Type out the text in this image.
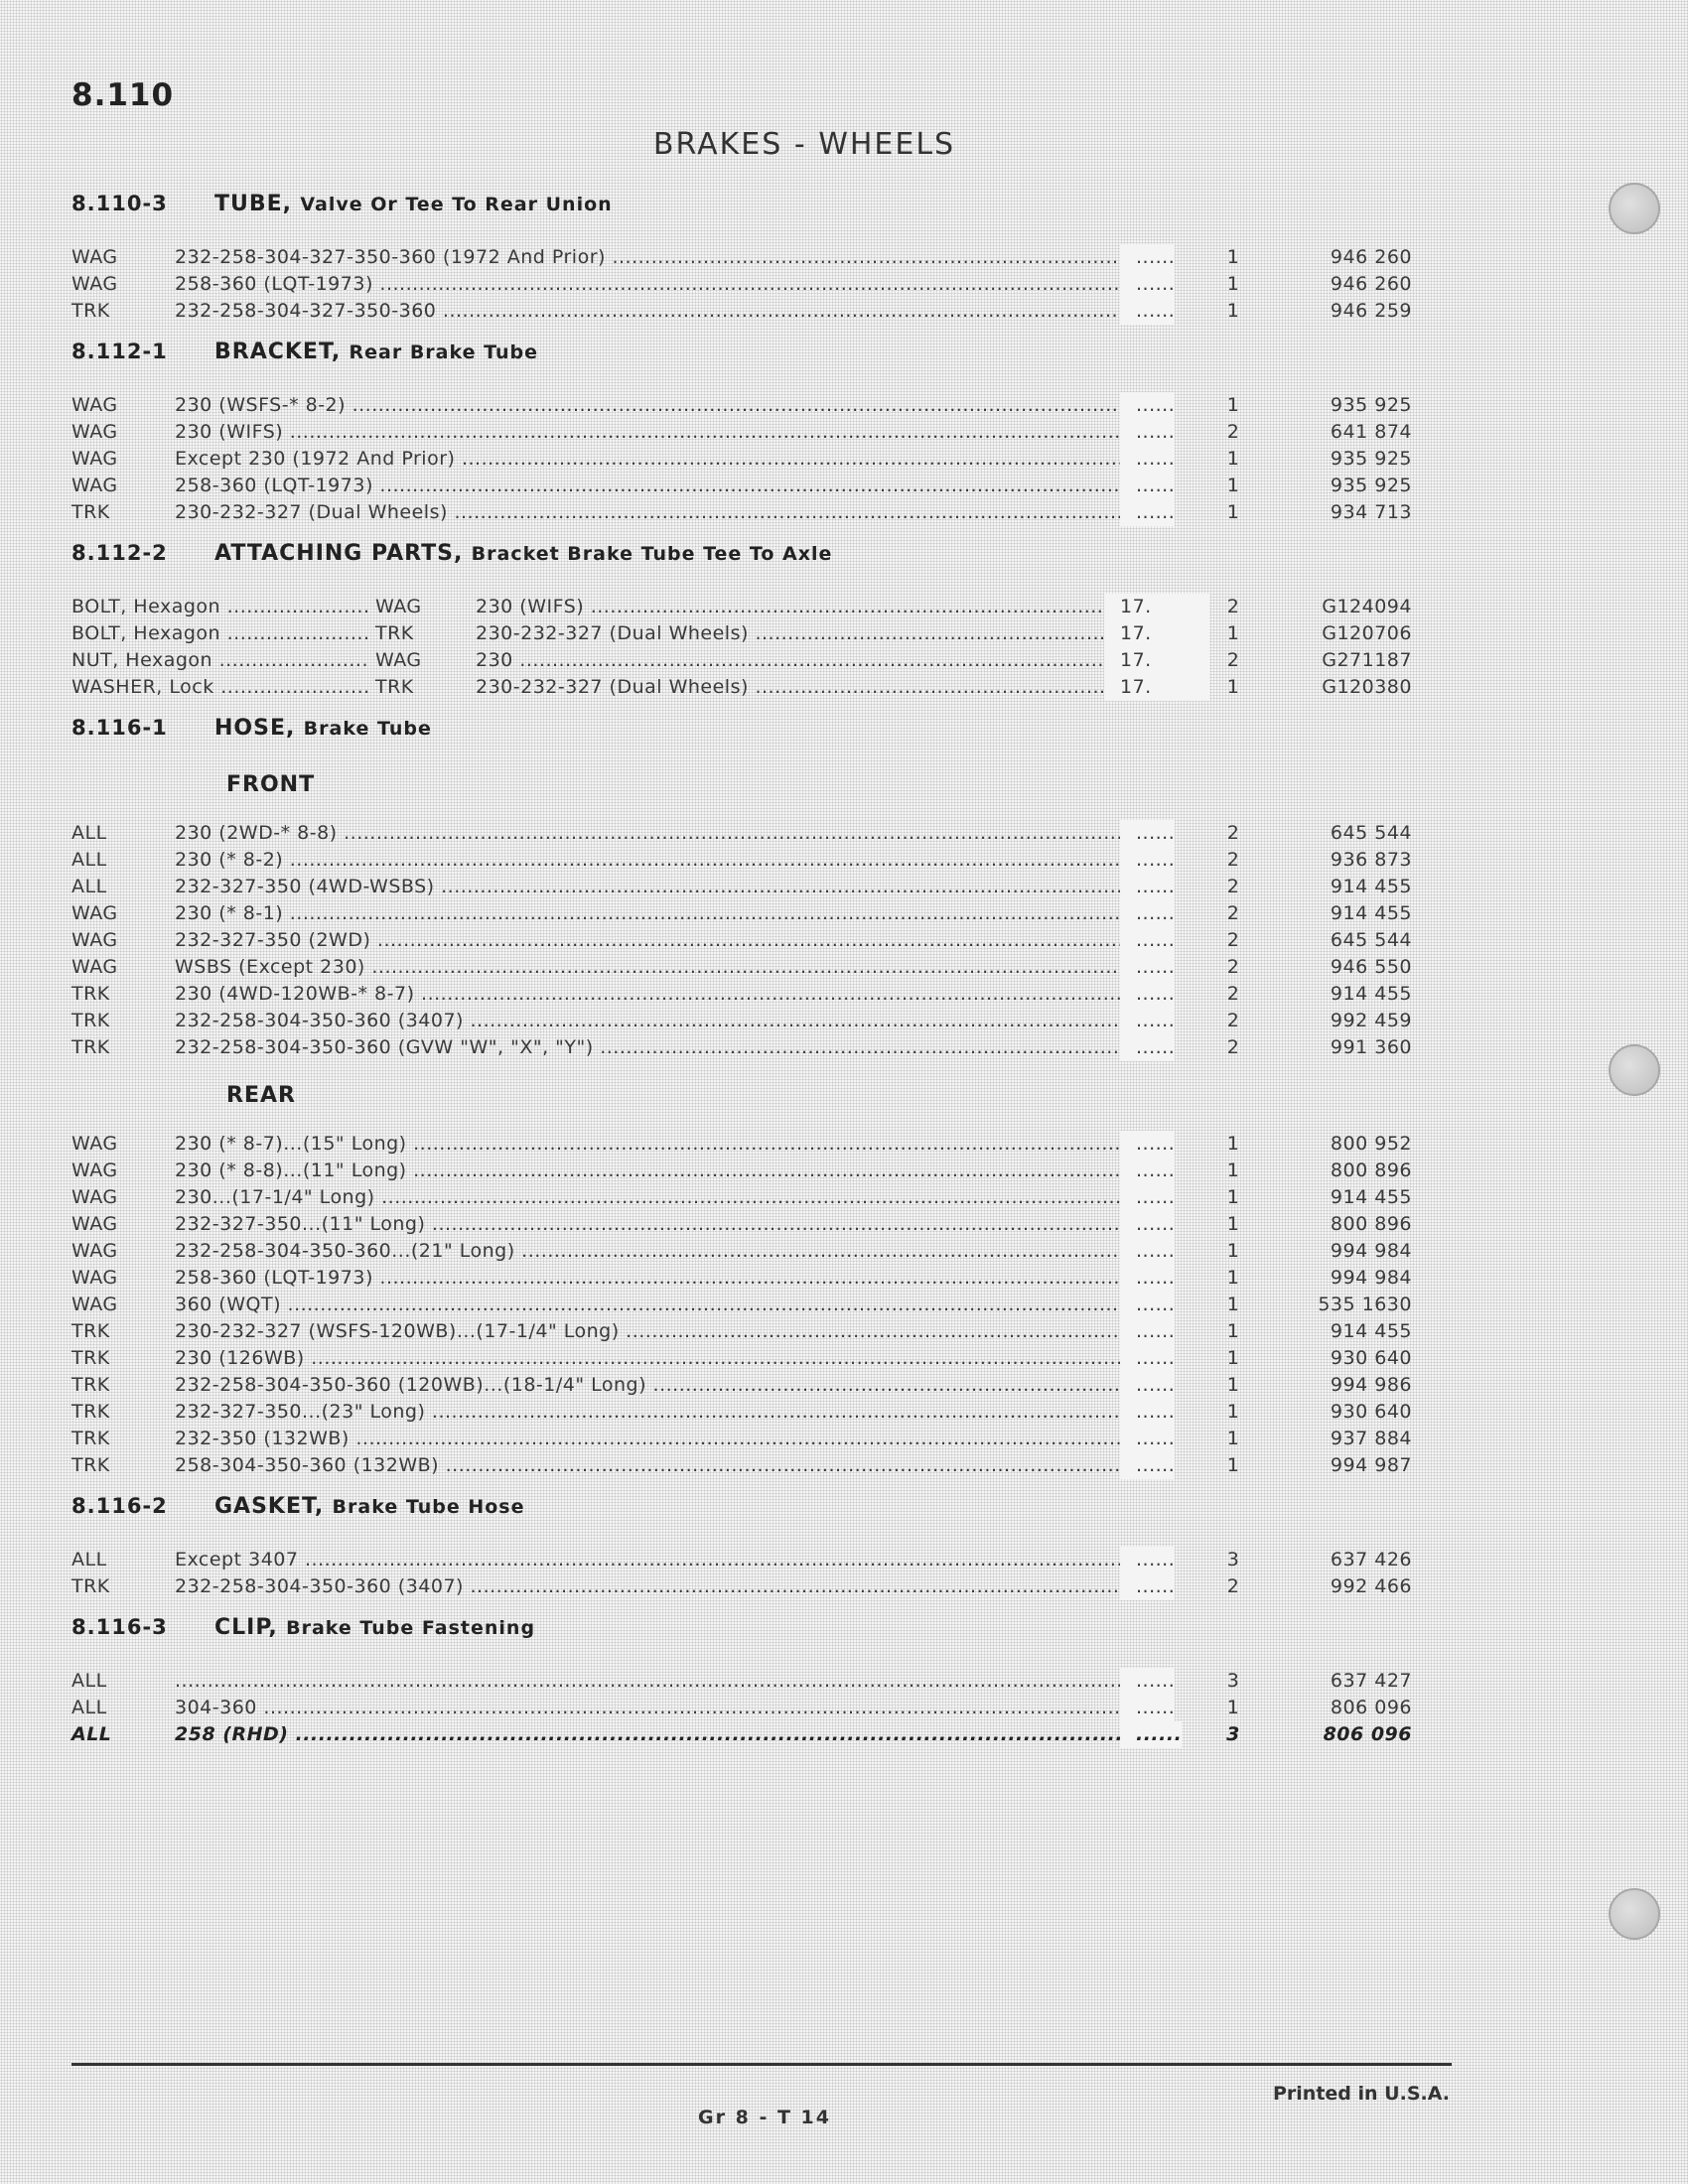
8.110
BRAKES - WHEELS
8.110-3	TUBE, Valve Or Tee To Rear Union
WAG	232-258-304-327-350-360 (1972 And Prior) .....	......	1	946 260
WAG	258-360 (LQT-1973) .....	......	1	946 260
TRK	232-258-304-327-350-360 .....	......	1	946 259
8.112-1	BRACKET, Rear Brake Tube
WAG	230 (WSFS-* 8-2) .....	......	1	935 925
WAG	230 (WIFS) .....	......	2	641 874
WAG	Except 230 (1972 And Prior) .....	......	1	935 925
WAG	258-360 (LQT-1973) .....	......	1	935 925
TRK	230-232-327 (Dual Wheels) .....	......	1	934 713
8.112-2	ATTACHING PARTS, Bracket Brake Tube Tee To Axle
BOLT, Hexagon .....	WAG	230 (WIFS) .....	17.	2	G124094
BOLT, Hexagon .....	TRK	230-232-327 (Dual Wheels) .....	17.	1	G120706
NUT, Hexagon .....	WAG	230 .....	17.	2	G271187
WASHER, Lock .....	TRK	230-232-327 (Dual Wheels) .....	17.	1	G120380
8.116-1	HOSE, Brake Tube
FRONT
ALL	230 (2WD-* 8-8) .....	......	2	645 544
ALL	230 (* 8-2) .....	......	2	936 873
ALL	232-327-350 (4WD-WSBS) .....	......	2	914 455
WAG	230 (* 8-1) .....	......	2	914 455
WAG	232-327-350 (2WD) .....	......	2	645 544
WAG	WSBS (Except 230) .....	......	2	946 550
TRK	230 (4WD-120WB-* 8-7) .....	......	2	914 455
TRK	232-258-304-350-360 (3407) .....	......	2	992 459
TRK	232-258-304-350-360 (GVW "W", "X", "Y") .....	......	2	991 360
REAR
WAG	230 (* 8-7)...(15" Long) .....	......	1	800 952
WAG	230 (* 8-8)...(11" Long) .....	......	1	800 896
WAG	230...(17-1/4" Long) .....	......	1	914 455
WAG	232-327-350...(11" Long) .....	......	1	800 896
WAG	232-258-304-350-360...(21" Long) .....	......	1	994 984
WAG	258-360 (LQT-1973) .....	......	1	994 984
WAG	360 (WQT) .....	......	1	535 1630
TRK	230-232-327 (WSFS-120WB)...(17-1/4" Long) .....	......	1	914 455
TRK	230 (126WB) .....	......	1	930 640
TRK	232-258-304-350-360 (120WB)...(18-1/4" Long) .....	......	1	994 986
TRK	232-327-350...(23" Long) .....	......	1	930 640
TRK	232-350 (132WB) .....	......	1	937 884
TRK	258-304-350-360 (132WB) .....	......	1	994 987
8.116-2	GASKET, Brake Tube Hose
ALL	Except 3407 .....	......	3	637 426
TRK	232-258-304-350-360 (3407) .....	......	2	992 466
8.116-3	CLIP, Brake Tube Fastening
ALL
.....	......	3	637 427
ALL	304-360 .....	......	1	806 096
ALL	258 (RHD) .....	...... 3	806 096
Printed in U.S.A.
Gr 8 - T 14
